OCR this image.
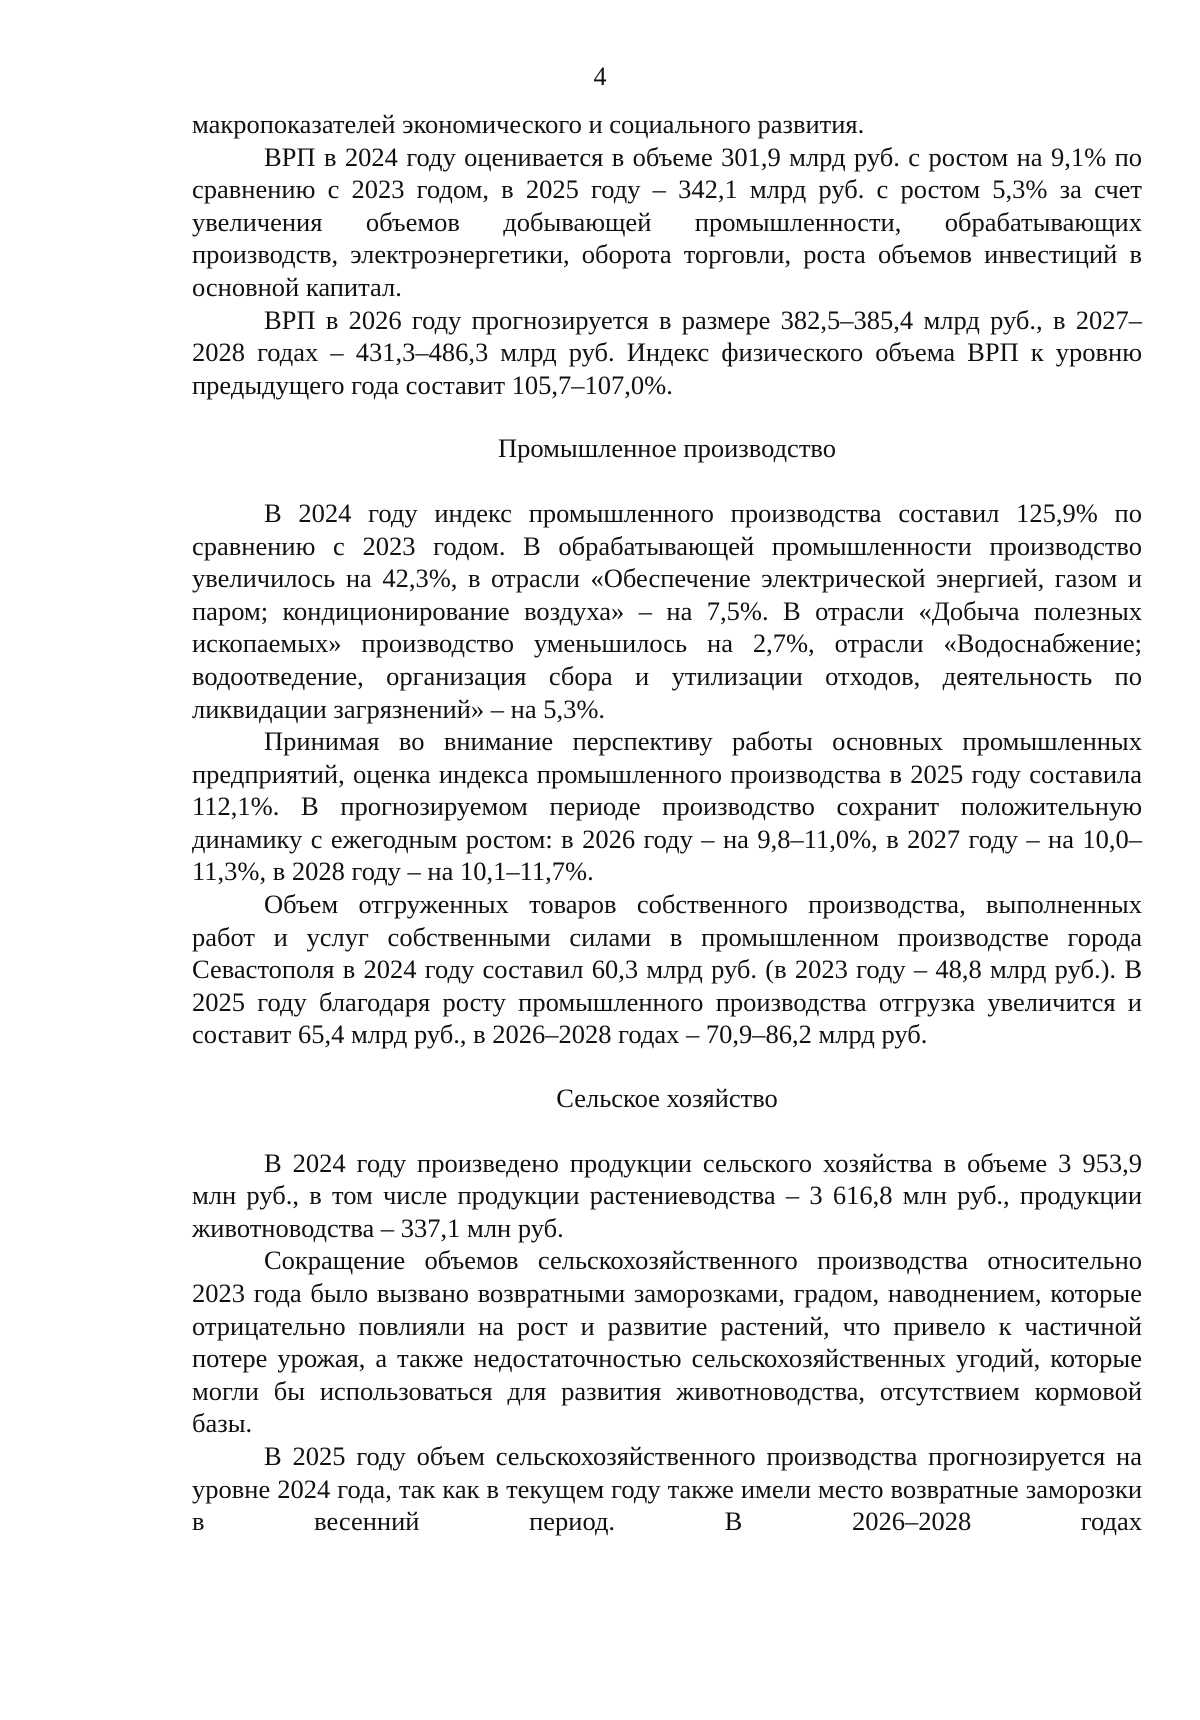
4

макропоказателей экономического и социального развития.

ВРП в 2024 году оценивается в объеме 301,9 млрд руб. с ростом на 9,1% по сравнению с 2023 годом, в 2025 году – 342,1 млрд руб. с ростом 5,3% за счет увеличения объемов добывающей промышленности, обрабатывающих производств, электроэнергетики, оборота торговли, роста объемов инвестиций в основной капитал.

ВРП в 2026 году прогнозируется в размере 382,5–385,4 млрд руб., в 2027–2028 годах – 431,3–486,3 млрд руб. Индекс физического объема ВРП к уровню предыдущего года составит 105,7–107,0%.

Промышленное производство

В 2024 году индекс промышленного производства составил 125,9% по сравнению с 2023 годом. В обрабатывающей промышленности производство увеличилось на 42,3%, в отрасли «Обеспечение электрической энергией, газом и паром; кондиционирование воздуха» – на 7,5%. В отрасли «Добыча полезных ископаемых» производство уменьшилось на 2,7%, отрасли «Водоснабжение; водоотведение, организация сбора и утилизации отходов, деятельность по ликвидации загрязнений» – на 5,3%.

Принимая во внимание перспективу работы основных промышленных предприятий, оценка индекса промышленного производства в 2025 году составила 112,1%. В прогнозируемом периоде производство сохранит положительную динамику с ежегодным ростом: в 2026 году – на 9,8–11,0%, в 2027 году – на 10,0–11,3%, в 2028 году – на 10,1–11,7%.

Объем отгруженных товаров собственного производства, выполненных работ и услуг собственными силами в промышленном производстве города Севастополя в 2024 году составил 60,3 млрд руб. (в 2023 году – 48,8 млрд руб.). В 2025 году благодаря росту промышленного производства отгрузка увеличится и составит 65,4 млрд руб., в 2026–2028 годах – 70,9–86,2 млрд руб.

Сельское хозяйство

В 2024 году произведено продукции сельского хозяйства в объеме 3 953,9 млн руб., в том числе продукции растениеводства – 3 616,8 млн руб., продукции животноводства – 337,1 млн руб.

Сокращение объемов сельскохозяйственного производства относительно 2023 года было вызвано возвратными заморозками, градом, наводнением, которые отрицательно повлияли на рост и развитие растений, что привело к частичной потере урожая, а также недостаточностью сельскохозяйственных угодий, которые могли бы использоваться для развития животноводства, отсутствием кормовой базы.

В 2025 году объем сельскохозяйственного производства прогнозируется на уровне 2024 года, так как в текущем году также имели место возвратные заморозки в весенний период. В 2026–2028 годах
